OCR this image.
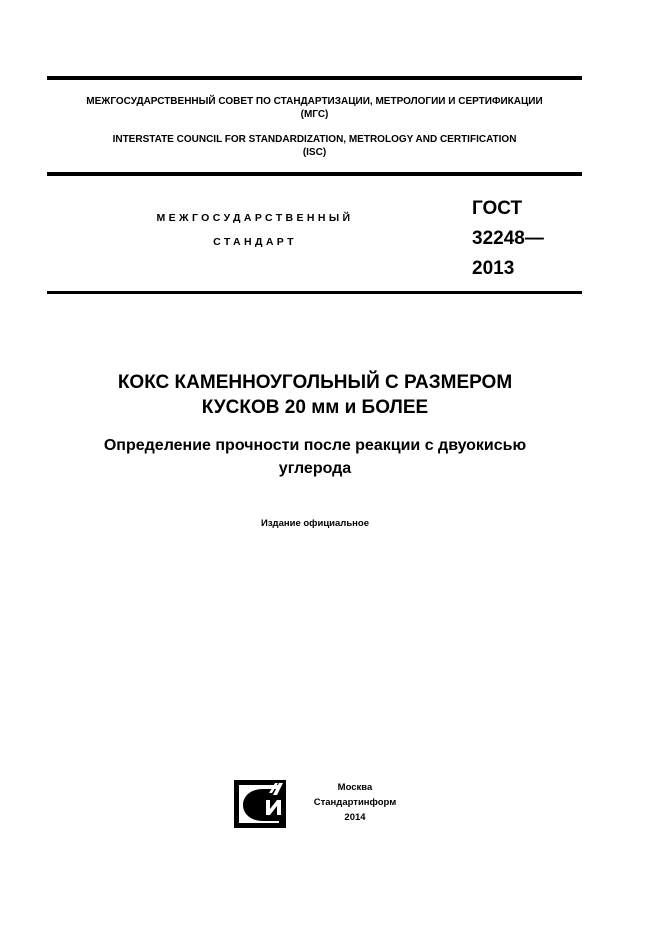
МЕЖГОСУДАРСТВЕННЫЙ СОВЕТ ПО СТАНДАРТИЗАЦИИ, МЕТРОЛОГИИ И СЕРТИФИКАЦИИ
(МГС)
INTERSTATE COUNCIL FOR STANDARDIZATION, METROLOGY AND CERTIFICATION
(ISC)
МЕЖГОСУДАРСТВЕННЫЙ
СТАНДАРТ
ГОСТ
32248—
2013
КОКС КАМЕННОУГОЛЬНЫЙ С РАЗМЕРОМ
КУСКОВ 20 мм и БОЛЕЕ
Определение прочности после реакции с двуокисью
углерода
Издание официальное
Москва
Стандартинформ
2014
